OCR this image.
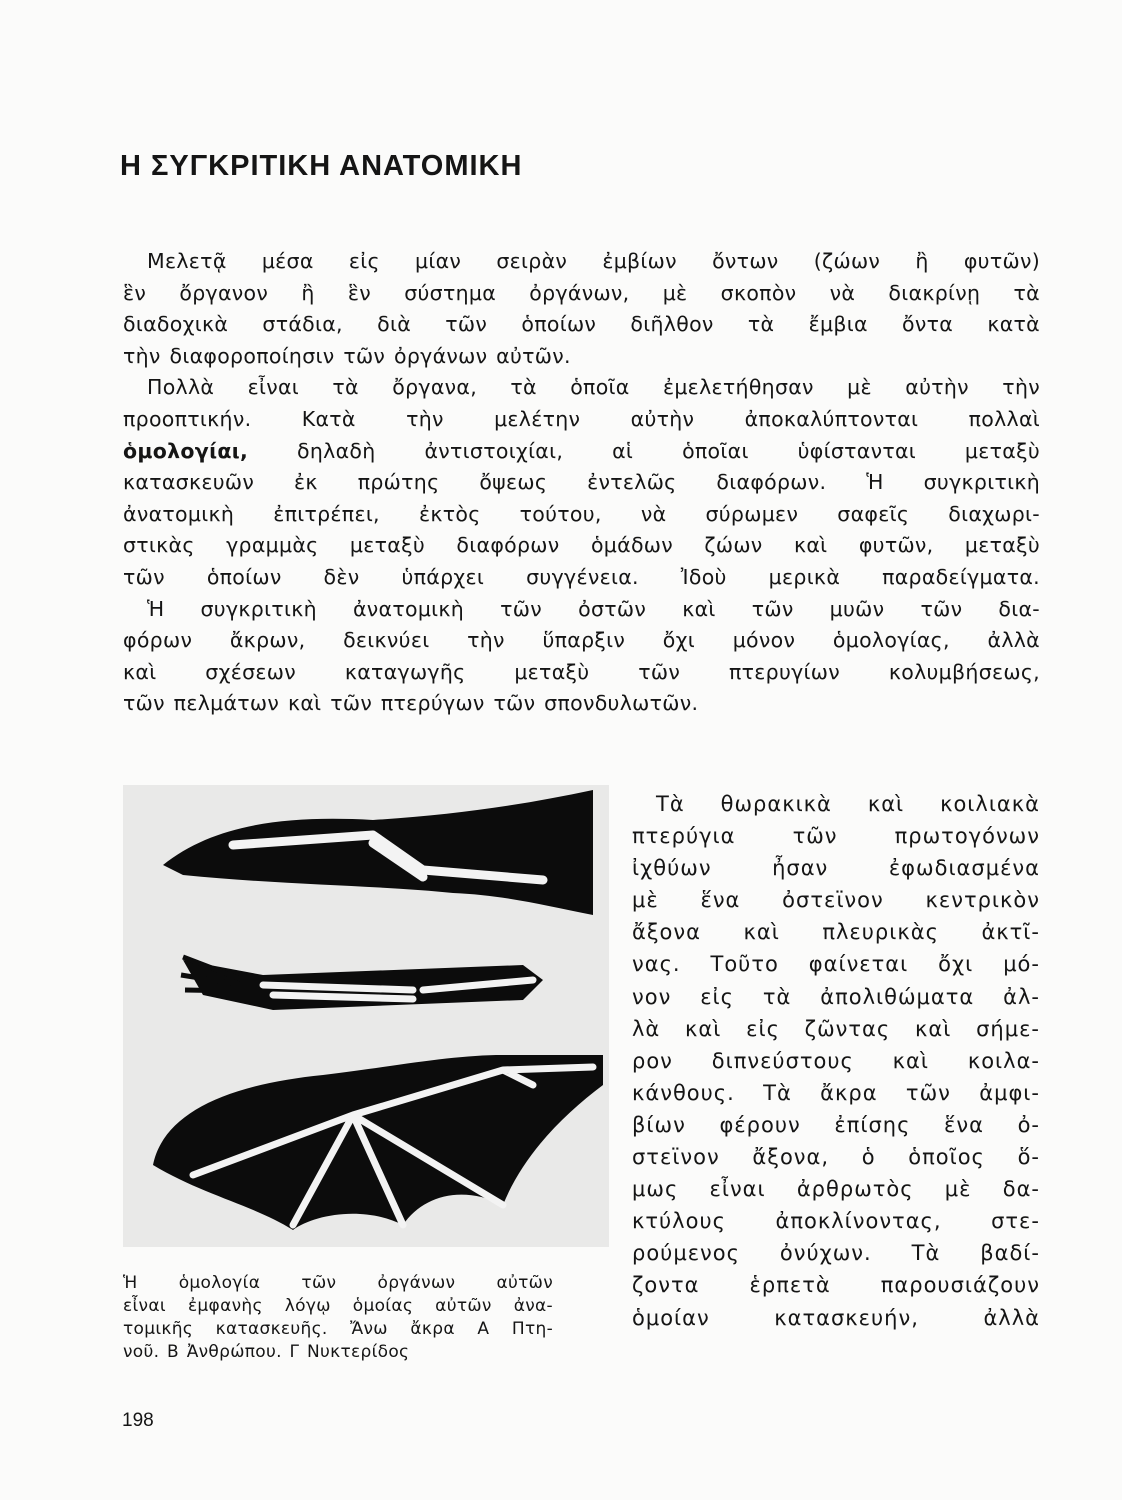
Η ΣΥΓΚΡΙΤΙΚΗ ΑΝΑΤΟΜΙΚΗ
Μελετᾷ μέσα εἰς μίαν σειρὰν ἐμβίων ὄντων (ζώων ἢ φυτῶν)
ἓν ὄργανον ἢ ἓν σύστημα ὀργάνων, μὲ σκοπὸν νὰ διακρίνῃ τὰ
διαδοχικὰ στάδια, διὰ τῶν ὁποίων διῆλθον τὰ ἔμβια ὄντα κατὰ
τὴν διαφοροποίησιν τῶν ὀργάνων αὐτῶν.
Πολλὰ εἶναι τὰ ὄργανα, τὰ ὁποῖα ἐμελετήθησαν μὲ αὐτὴν τὴν
προοπτικήν. Κατὰ τὴν μελέτην αὐτὴν ἀποκαλύπτονται πολλαὶ
ὁμολογίαι, δηλαδὴ ἀντιστοιχίαι, αἱ ὁποῖαι ὑφίστανται μεταξὺ
κατασκευῶν ἐκ πρώτης ὄψεως ἐντελῶς διαφόρων. Ἡ συγκριτικὴ
ἀνατομικὴ ἐπιτρέπει, ἐκτὸς τούτου, νὰ σύρωμεν σαφεῖς διαχωρι-
στικὰς γραμμὰς μεταξὺ διαφόρων ὁμάδων ζώων καὶ φυτῶν, μεταξὺ
τῶν ὁποίων δὲν ὑπάρχει συγγένεια. Ἰδοὺ μερικὰ παραδείγματα.
Ἡ συγκριτικὴ ἀνατομικὴ τῶν ὀστῶν καὶ τῶν μυῶν τῶν δια-
φόρων ἄκρων, δεικνύει τὴν ὕπαρξιν ὄχι μόνον ὁμολογίας, ἀλλὰ
καὶ σχέσεων καταγωγῆς μεταξὺ τῶν πτερυγίων κολυμβήσεως,
τῶν πελμάτων καὶ τῶν πτερύγων τῶν σπονδυλωτῶν.
Τὰ θωρακικὰ καὶ κοιλιακὰ
πτερύγια τῶν πρωτογόνων
ἰχθύων ἦσαν ἐφωδιασμένα
μὲ ἕνα ὀστεϊνον κεντρικὸν
ἄξονα καὶ πλευρικὰς ἀκτῖ-
νας. Τοῦτο φαίνεται ὄχι μό-
νον εἰς τὰ ἀπολιθώματα ἀλ-
λὰ καὶ εἰς ζῶντας καὶ σήμε-
ρον διπνεύστους καὶ κοιλα-
κάνθους. Τὰ ἄκρα τῶν ἀμφι-
βίων φέρουν ἐπίσης ἕνα ὀ-
στεϊνον ἄξονα, ὁ ὁποῖος ὅ-
μως εἶναι ἀρθρωτὸς μὲ δα-
κτύλους ἀποκλίνοντας, στε-
ρούμενος ὀνύχων. Τὰ βαδί-
ζοντα ἑρπετὰ παρουσιάζουν
ὁμοίαν κατασκευήν, ἀλλὰ
Ἡ ὁμολογία τῶν ὀργάνων αὐτῶν
εἶναι ἐμφανὴς λόγῳ ὁμοίας αὐτῶν ἀνα-
τομικῆς κατασκευῆς. Ἄνω ἄκρα Α Πτη-
νοῦ. Β Ἀνθρώπου. Γ Νυκτερίδος
198
